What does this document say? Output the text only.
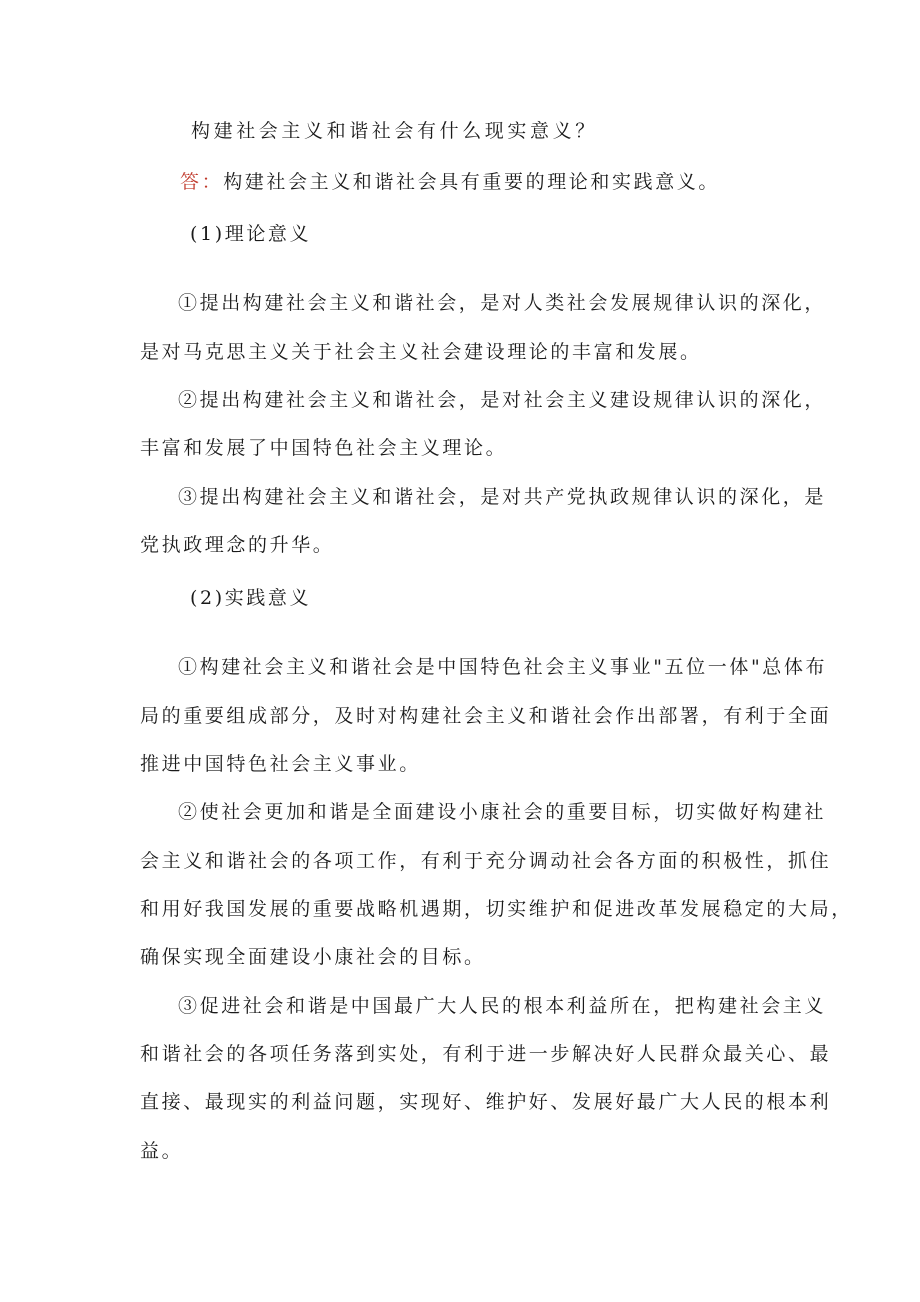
构建社会主义和谐社会有什么现实意义？
答：构建社会主义和谐社会具有重要的理论和实践意义。
(1)理论意义
①提出构建社会主义和谐社会，是对人类社会发展规律认识的深化，
是对马克思主义关于社会主义社会建设理论的丰富和发展。
②提出构建社会主义和谐社会，是对社会主义建设规律认识的深化，
丰富和发展了中国特色社会主义理论。
③提出构建社会主义和谐社会，是对共产党执政规律认识的深化，是
党执政理念的升华。
(2)实践意义
①构建社会主义和谐社会是中国特色社会主义事业"五位一体"总体布
局的重要组成部分，及时对构建社会主义和谐社会作出部署，有利于全面
推进中国特色社会主义事业。
②使社会更加和谐是全面建设小康社会的重要目标，切实做好构建社
会主义和谐社会的各项工作，有利于充分调动社会各方面的积极性，抓住
和用好我国发展的重要战略机遇期，切实维护和促进改革发展稳定的大局，
确保实现全面建设小康社会的目标。
③促进社会和谐是中国最广大人民的根本利益所在，把构建社会主义
和谐社会的各项任务落到实处，有利于进一步解决好人民群众最关心、最
直接、最现实的利益问题，实现好、维护好、发展好最广大人民的根本利
益。
